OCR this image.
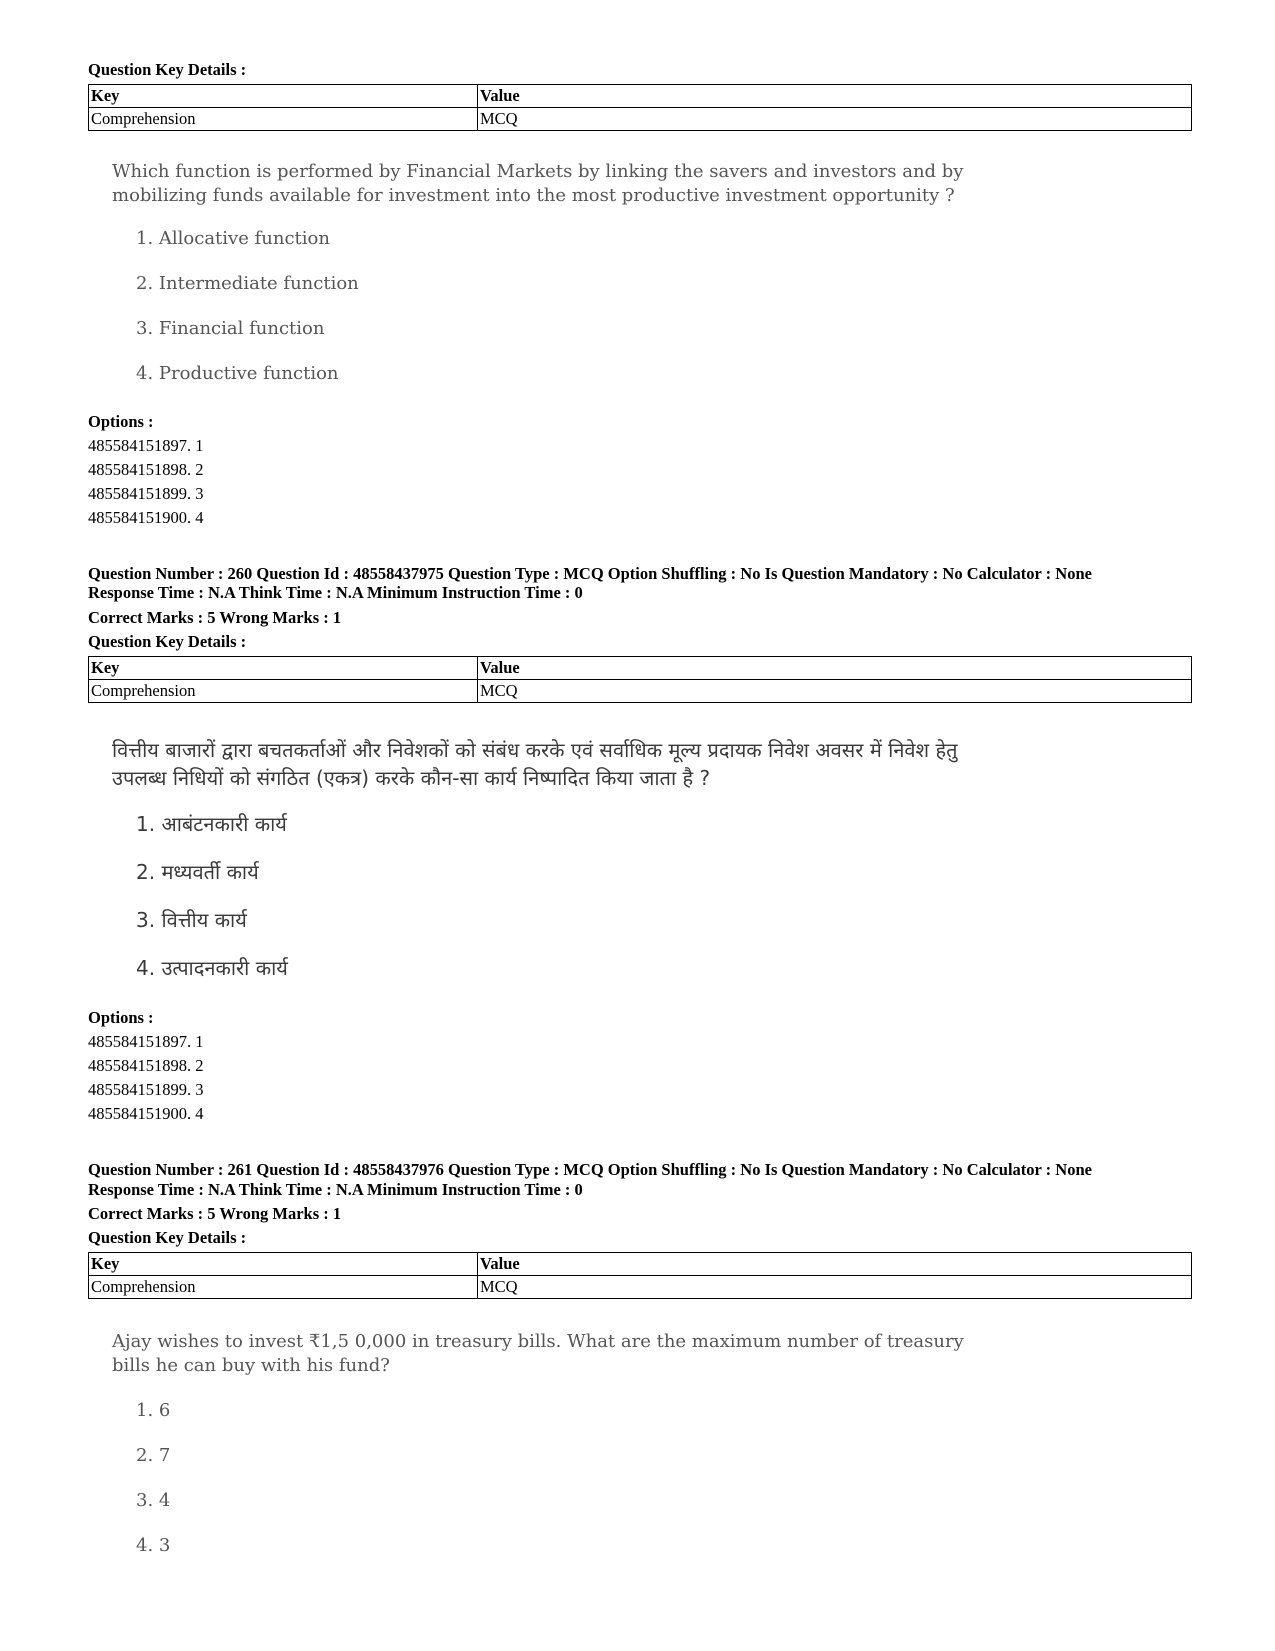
Question Key Details :
Key	Value
Comprehension	MCQ
Which function is performed by Financial Markets by linking the savers and investors and by mobilizing funds available for investment into the most productive investment opportunity ?
1. Allocative function
2. Intermediate function
3. Financial function
4. Productive function
Options :
485584151897. 1
485584151898. 2
485584151899. 3
485584151900. 4
Question Number : 260 Question Id : 48558437975 Question Type : MCQ Option Shuffling : No Is Question Mandatory : No Calculator : None
Response Time : N.A Think Time : N.A Minimum Instruction Time : 0
Correct Marks : 5 Wrong Marks : 1
Question Key Details :
Key	Value
Comprehension	MCQ
वित्तीय बाजारों द्वारा बचतकर्ताओं और निवेशकों को संबंध करके एवं सर्वाधिक मूल्य प्रदायक निवेश अवसर में निवेश हेतु उपलब्ध निधियों को संगठित (एकत्र) करके कौन-सा कार्य निष्पादित किया जाता है ?
1. आबंटनकारी कार्य
2. मध्यवर्ती कार्य
3. वित्तीय कार्य
4. उत्पादनकारी कार्य
Options :
485584151897. 1
485584151898. 2
485584151899. 3
485584151900. 4
Question Number : 261 Question Id : 48558437976 Question Type : MCQ Option Shuffling : No Is Question Mandatory : No Calculator : None
Response Time : N.A Think Time : N.A Minimum Instruction Time : 0
Correct Marks : 5 Wrong Marks : 1
Question Key Details :
Key	Value
Comprehension	MCQ
Ajay wishes to invest ₹1,5 0,000 in treasury bills. What are the maximum number of treasury bills he can buy with his fund?
1. 6
2. 7
3. 4
4. 3
